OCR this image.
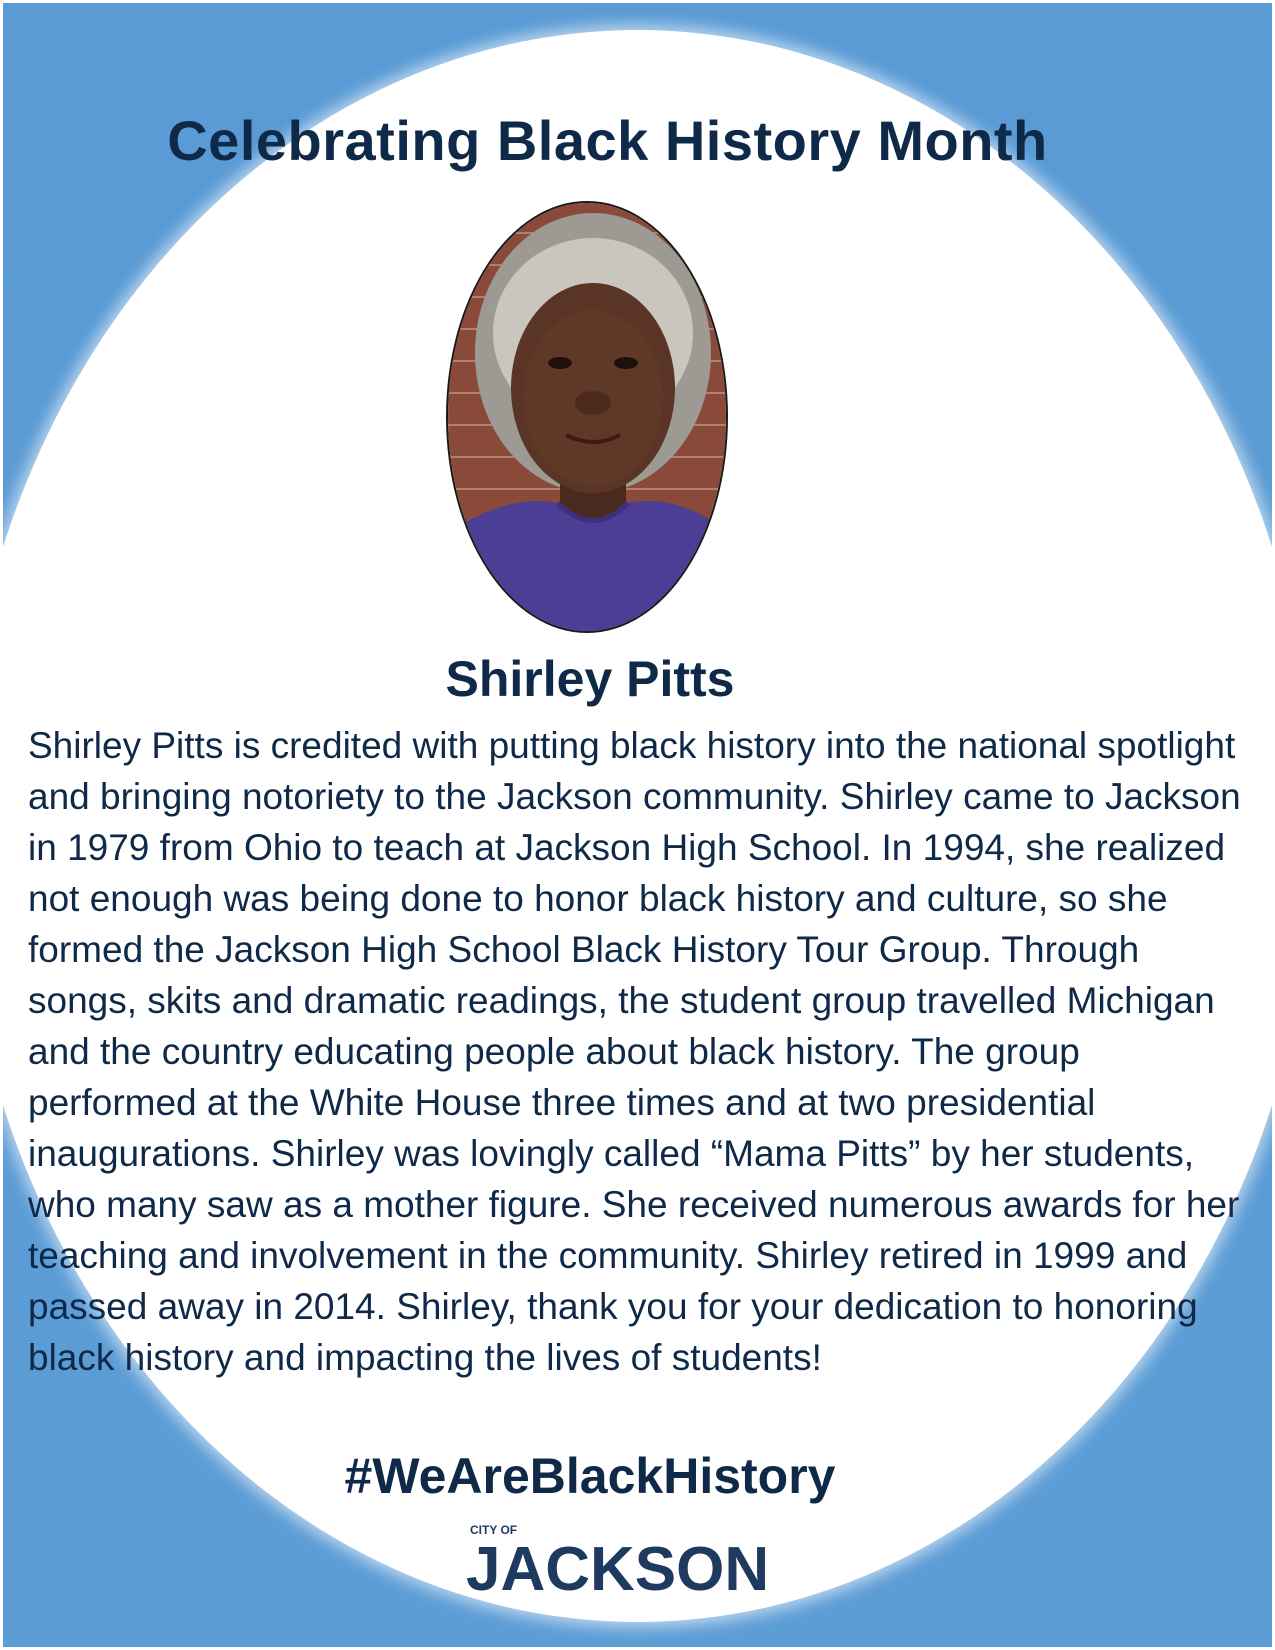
Celebrating Black History Month
Shirley Pitts

Shirley Pitts is credited with putting black history into the national spotlight and bringing notoriety to the Jackson community. Shirley came to Jackson in 1979 from Ohio to teach at Jackson High School. In 1994, she realized not enough was being done to honor black history and culture, so she formed the Jackson High School Black History Tour Group. Through songs, skits and dramatic readings, the student group travelled Michigan and the country educating people about black history. The group performed at the White House three times and at two presidential inaugurations. Shirley was lovingly called “Mama Pitts” by her students, who many saw as a mother figure. She received numerous awards for her teaching and involvement in the community. Shirley retired in 1999 and passed away in 2014. Shirley, thank you for your dedication to honoring black history and impacting the lives of students!

#WeAreBlackHistory
CITY OF
JACKSON
